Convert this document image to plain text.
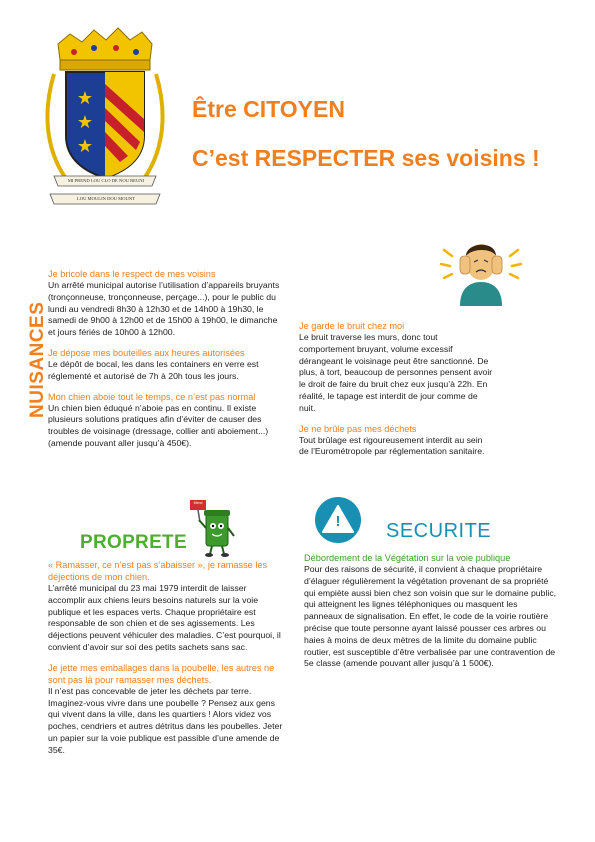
★
★
★
MI PREND LOU CLO DE NOU REUNI
LOU MOULIN DOU MOUNT
Être CITOYEN
C’est RESPECTER ses voisins !
NUISANCES
Je bricole dans le respect de mes voisins
Un arrêté municipal autorise l’utilisation d’appareils bruyants (tronçonneuse, tronçonneuse, perçage...), pour le public du lundi au vendredi 8h30 à 12h30 et de 14h00 à 19h30, le samedi de 9h00 à 12h00 et de 15h00 à 19h00, le dimanche et jours fériés de 10h00 à 12h00.
Je dépose mes bouteilles aux heures autorisées
Le dépôt de bocal, les dans les containers en verre est réglementé et autorisé de 7h à 20h tous les jours.
Mon chien aboie tout le temps, ce n’est pas normal
Un chien bien éduqué n’aboie pas en continu. Il existe plusieurs solutions pratiques afin d’éviter de causer des troubles de voisinage (dressage, collier anti aboiement...) (amende pouvant aller jusqu’à 450€).
Je garde le bruit chez moi
Le bruit traverse les murs, donc tout comportement bruyant, volume excessif dérangeant le voisinage peut être sanctionné. De plus, à tort, beaucoup de personnes pensent avoir le droit de faire du bruit chez eux jusqu’à 22h. En réalité, le tapage est interdit de jour comme de nuit.
Je ne brûle pas mes déchets
Tout brûlage est rigoureusement interdit au sein de l’Eurométropole par réglementation sanitaire.
PROPRETE
Merci
« Ramasser, ce n’est pas s’abaisser », je ramasse les déjections de mon chien.
L’arrêté municipal du 23 mai 1979 interdit de laisser accomplir aux chiens leurs besoins naturels sur la voie publique et les espaces verts. Chaque propriétaire est responsable de son chien et de ses agissements. Les déjections peuvent véhiculer des maladies. C’est pourquoi, il convient d’avoir sur soi des petits sachets sans sac.
Je jette mes emballages dans la poubelle, les autres ne sont pas là pour ramasser mes déchets.
Il n’est pas concevable de jeter les déchets par terre. Imaginez-vous vivre dans une poubelle ? Pensez aux gens qui vivent dans la ville, dans les quartiers ! Alors videz vos poches, cendriers et autres détritus dans les poubelles. Jeter un papier sur la voie publique est passible d’une amende de 35€.
!	SECURITE
Débordement de la Végétation sur la voie publique
Pour des raisons de sécurité, il convient à chaque propriétaire d’élaguer régulièrement la végétation provenant de sa propriété qui empiète aussi bien chez son voisin que sur le domaine public, qui atteignent les lignes téléphoniques ou masquent les panneaux de signalisation. En effet, le code de la voirie routière précise que toute personne ayant laissé pousser ces arbres ou haies à moins de deux mètres de la limite du domaine public routier, est susceptible d’être verbalisée par une contravention de 5e classe (amende pouvant aller jusqu’à 1 500€).
